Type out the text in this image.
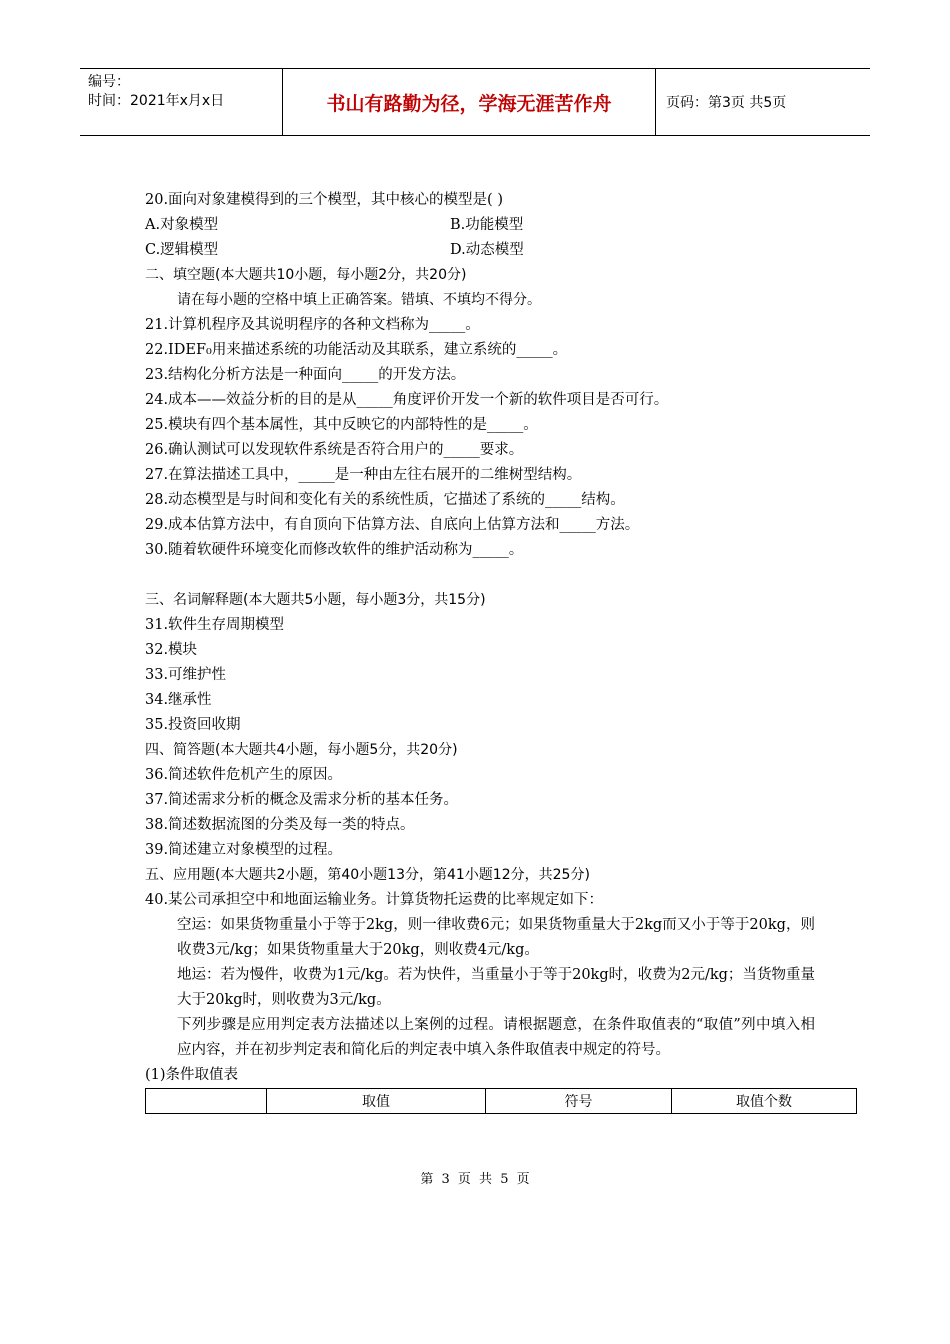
编号：
时间：2021年x月x日	书山有路勤为径，学海无涯苦作舟	页码：第3页 共5页
20.面向对象建模得到的三个模型，其中核心的模型是( )
A.对象模型	B.功能模型
C.逻辑模型	D.动态模型
二、填空题(本大题共10小题，每小题2分，共20分)
请在每小题的空格中填上正确答案。错填、不填均不得分。
21.计算机程序及其说明程序的各种文档称为_____。
22.IDEF₀用来描述系统的功能活动及其联系，建立系统的_____。
23.结构化分析方法是一种面向_____的开发方法。
24.成本——效益分析的目的是从_____角度评价开发一个新的软件项目是否可行。
25.模块有四个基本属性，其中反映它的内部特性的是_____。
26.确认测试可以发现软件系统是否符合用户的_____要求。
27.在算法描述工具中，_____是一种由左往右展开的二维树型结构。
28.动态模型是与时间和变化有关的系统性质，它描述了系统的_____结构。
29.成本估算方法中，有自顶向下估算方法、自底向上估算方法和_____方法。
30.随着软硬件环境变化而修改软件的维护活动称为_____。
三、名词解释题(本大题共5小题，每小题3分，共15分)
31.软件生存周期模型
32.模块
33.可维护性
34.继承性
35.投资回收期
四、简答题(本大题共4小题，每小题5分，共20分)
36.简述软件危机产生的原因。
37.简述需求分析的概念及需求分析的基本任务。
38.简述数据流图的分类及每一类的特点。
39.简述建立对象模型的过程。
五、应用题(本大题共2小题，第40小题13分，第41小题12分，共25分)
40.某公司承担空中和地面运输业务。计算货物托运费的比率规定如下：
空运：如果货物重量小于等于2kg，则一律收费6元；如果货物重量大于2kg而又小于等于20kg，则收费3元/kg；如果货物重量大于20kg，则收费4元/kg。
地运：若为慢件，收费为1元/kg。若为快件，当重量小于等于20kg时，收费为2元/kg；当货物重量大于20kg时，则收费为3元/kg。
下列步骤是应用判定表方法描述以上案例的过程。请根据题意，在条件取值表的“取值”列中填入相应内容，并在初步判定表和简化后的判定表中填入条件取值表中规定的符号。
(1)条件取值表
	取值	符号	取值个数
第 3 页 共 5 页
